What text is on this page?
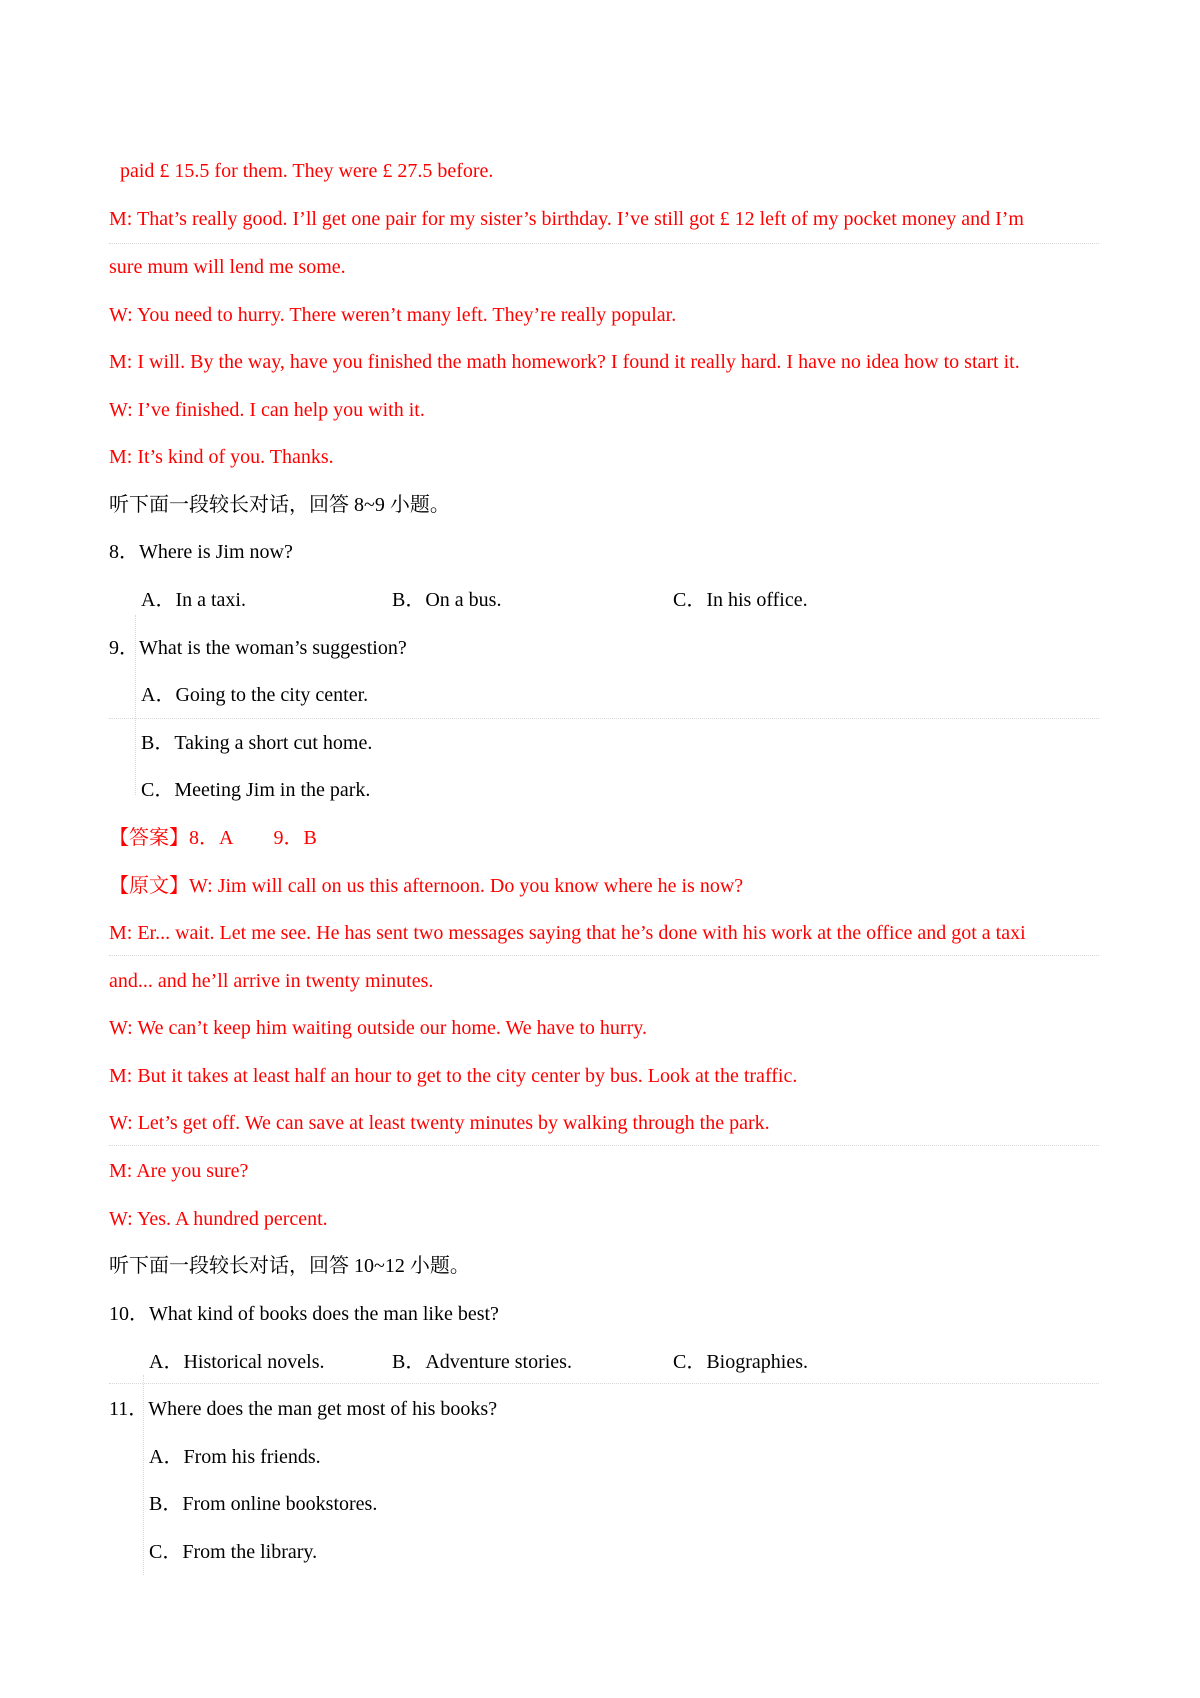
paid £ 15.5 for them. They were £ 27.5 before.
M: That’s really good. I’ll get one pair for my sister’s birthday. I’ve still got £ 12 left of my pocket money and I’m
sure mum will lend me some.
W: You need to hurry. There weren’t many left. They’re really popular.
M: I will. By the way, have you finished the math homework? I found it really hard. I have no idea how to start it.
W: I’ve finished. I can help you with it.
M: It’s kind of you. Thanks.
听下面一段较长对话，回答 8~9 小题。
8．Where is Jim now?
A．In a taxi.	B．On a bus.	C．In his office.
9．What is the woman’s suggestion?
A．Going to the city center.
B．Taking a short cut home.
C．Meeting Jim in the park.
【答案】8．A        9．B
【原文】W: Jim will call on us this afternoon. Do you know where he is now?
M: Er... wait. Let me see. He has sent two messages saying that he’s done with his work at the office and got a taxi
and... and he’ll arrive in twenty minutes.
W: We can’t keep him waiting outside our home. We have to hurry.
M: But it takes at least half an hour to get to the city center by bus. Look at the traffic.
W: Let’s get off. We can save at least twenty minutes by walking through the park.
M: Are you sure?
W: Yes. A hundred percent.
听下面一段较长对话，回答 10~12 小题。
10．What kind of books does the man like best?
A．Historical novels.	B．Adventure stories.	C．Biographies.
11．Where does the man get most of his books?
A．From his friends.
B．From online bookstores.
C．From the library.
